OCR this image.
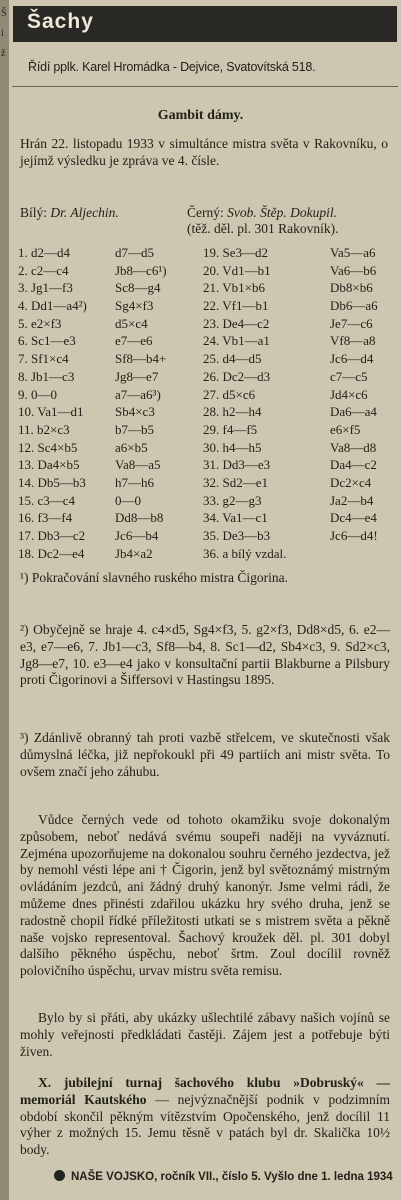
Š
i
ž
Šachy
Řídí pplk. Karel Hromádka - Dejvice, Svatovítská 518.
Gambit dámy.
Hrán 22. listopadu 1933 v simultánce mistra světa v Rakovníku, o jejímž výsledku je zpráva ve 4. čísle.
Bílý: Dr. Aljechin.	Černý: Svob. Štěp. Dokupil.
(těž. děl. pl. 301 Rakovník).
1. d2—d4	d7—d5	19. Se3—d2	Va5—a6
2. c2—c4	Jb8—c6¹)	20. Vd1—b1	Va6—b6
3. Jg1—f3	Sc8—g4	21. Vb1×b6	Db8×b6
4. Dd1—a4²) Sg4×f3	22. Vf1—b1	Db6—a6
5. e2×f3	d5×c4	23. De4—c2	Je7—c6
6. Sc1—e3	e7—e6	24. Vb1—a1	Vf8—a8
7. Sf1×c4	Sf8—b4+	25. d4—d5	Jc6—d4
8. Jb1—c3	Jg8—e7	26. Dc2—d3	c7—c5
9. 0—0	a7—a6³)	27. d5×c6	Jd4×c6
10. Va1—d1 Sb4×c3	28. h2—h4	Da6—a4
11. b2×c3	b7—b5	29. f4—f5	e6×f5
12. Sc4×b5	a6×b5	30. h4—h5	Va8—d8
13. Da4×b5	Va8—a5	31. Dd3—e3	Da4—c2
14. Db5—b3 h7—h6	32. Sd2—e1	Dc2×c4
15. c3—c4	0—0	33. g2—g3	Ja2—b4
16. f3—f4	Dd8—b8	34. Va1—c1	Dc4—e4
17. Db3—c2 Jc6—b4	35. De3—b3	Jc6—d4!
18. Dc2—e4 Jb4×a2	36. a bílý vzdal.
¹) Pokračování slavného ruského mistra Čigorina.
²) Obyčejně se hraje 4. c4×d5, Sg4×f3, 5. g2×f3, Dd8×d5, 6. e2—e3, e7—e6, 7. Jb1—c3, Sf8—b4, 8. Sc1—d2, Sb4×c3, 9. Sd2×c3, Jg8—e7, 10. e3—e4 jako v konsultační partii Blakburne a Pilsbury proti Čigorinovi a Šiffersovi v Hastingsu 1895.
³) Zdánlivě obranný tah proti vazbě střelcem, ve skutečnosti však důmyslná léčka, již nepřokoukl při 49 partiích ani mistr světa. To ovšem značí jeho záhubu.
Vůdce černých vede od tohoto okamžiku svoje dokonalým způsobem, neboť nedává svému soupeři naději na vyváznutí. Zejména upozorňujeme na dokonalou souhru černého jezdectva, jež by nemohl vésti lépe ani † Čigorin, jenž byl světoznámý mistrným ovládáním jezdců, ani žádný druhý kanonýr. Jsme velmi rádi, že můžeme dnes přinésti zdařilou ukázku hry svého druha, jenž se radostně chopil řídké příležitosti utkati se s mistrem světa a pěkně naše vojsko representoval. Šachový kroužek děl. pl. 301 dobyl dalšího pěkného úspěchu, neboť šrtm. Zoul docílil rovněž polovičního úspěchu, urvav mistru světa remisu.
Bylo by si přáti, aby ukázky ušlechtilé zábavy našich vojínů se mohly veřejnosti předkládati častěji. Zájem jest a potřebuje býti živen.
X. jubilejní turnaj šachového klubu »Dobruský« — memoriál Kautského — nejvýznačnější podnik v podzimním období skončil pěkným vítězstvím Opočenského, jenž docílil 11 výher z možných 15. Jemu těsně v patách byl dr. Skalička 10½ body.
NAŠE VOJSKO, ročník VII., číslo 5. Vyšlo dne 1. ledna 1934
